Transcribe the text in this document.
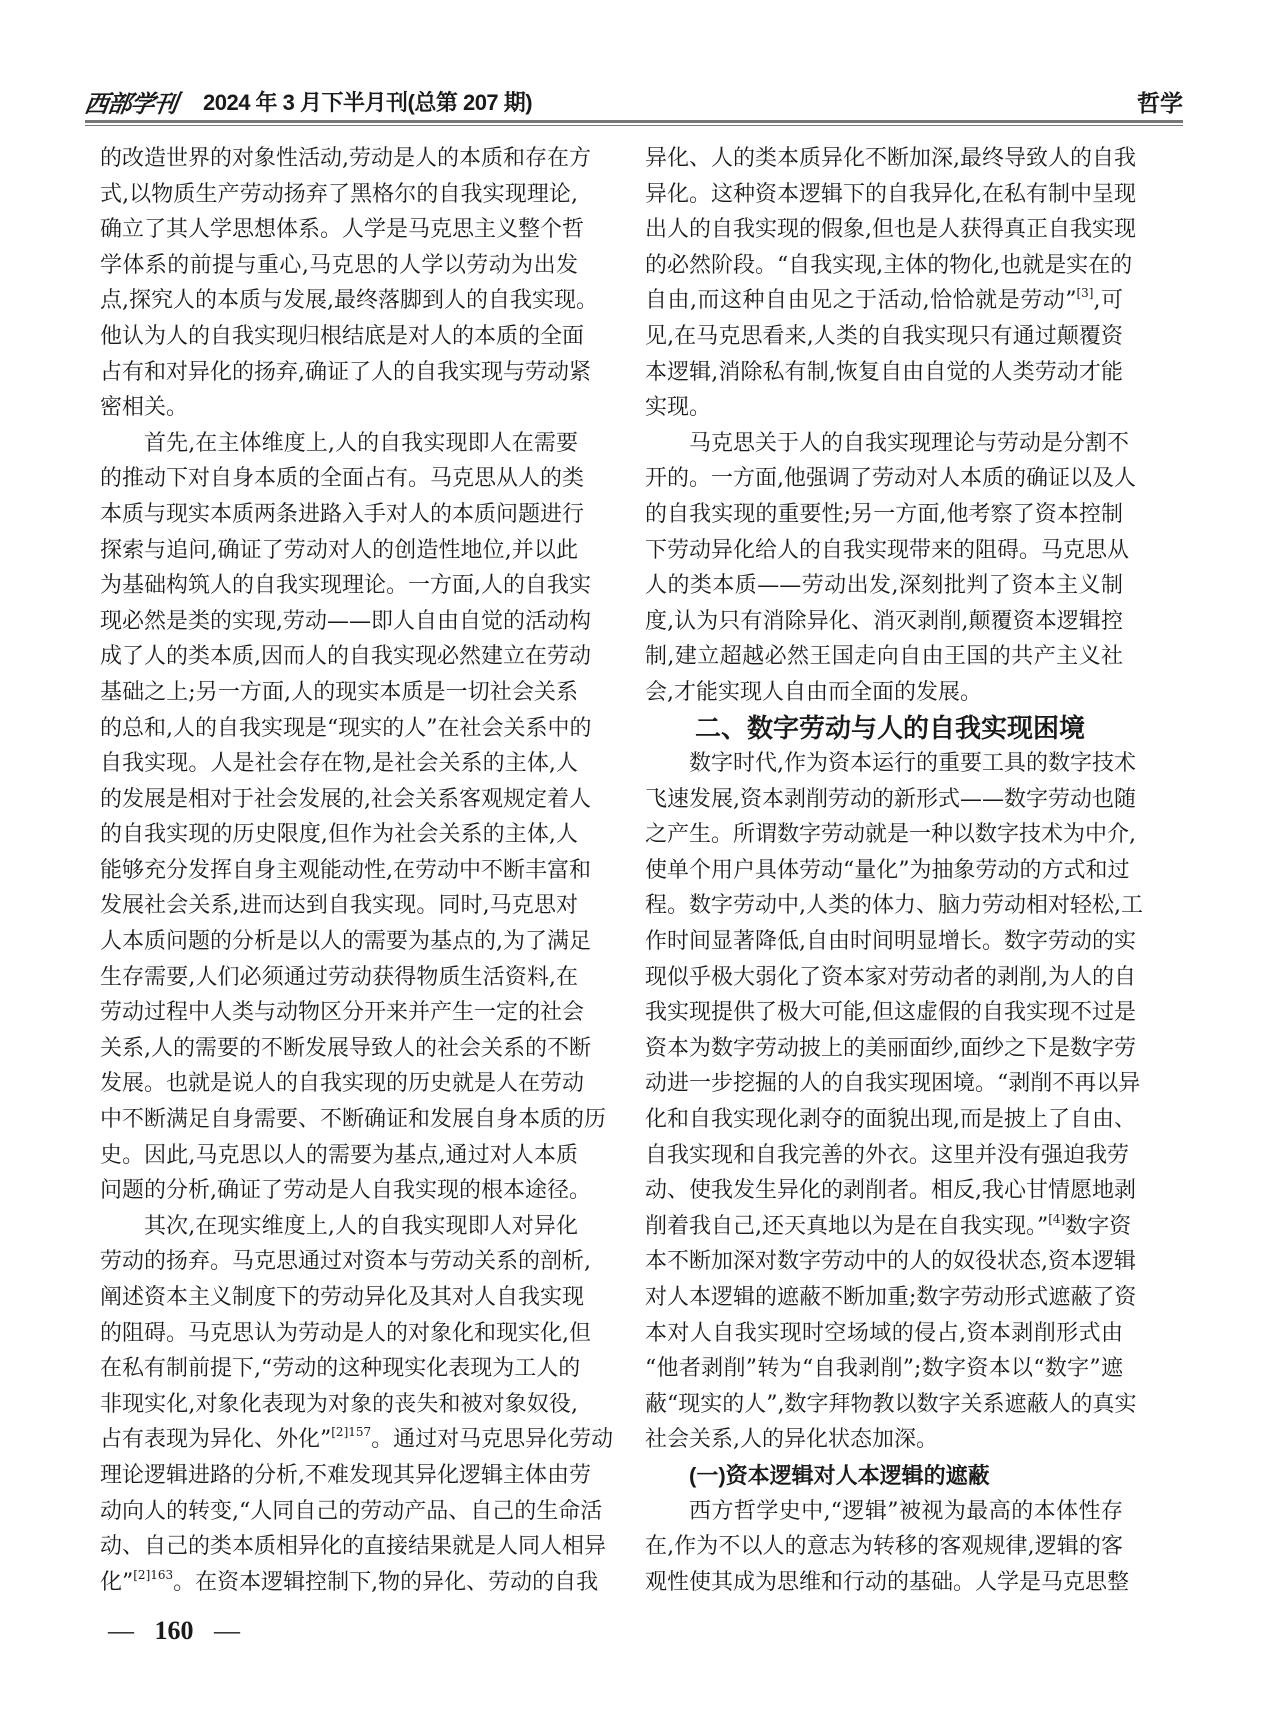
西部学刊 2024 年 3 月下半月刊(总第 207 期)	哲学
的改造世界的对象性活动,劳动是人的本质和存在方
式,以物质生产劳动扬弃了黑格尔的自我实现理论,
确立了其人学思想体系。人学是马克思主义整个哲
学体系的前提与重心,马克思的人学以劳动为出发
点,探究人的本质与发展,最终落脚到人的自我实现。
他认为人的自我实现归根结底是对人的本质的全面
占有和对异化的扬弃,确证了人的自我实现与劳动紧
密相关。
首先,在主体维度上,人的自我实现即人在需要
的推动下对自身本质的全面占有。马克思从人的类
本质与现实本质两条进路入手对人的本质问题进行
探索与追问,确证了劳动对人的创造性地位,并以此
为基础构筑人的自我实现理论。一方面,人的自我实
现必然是类的实现,劳动——即人自由自觉的活动构
成了人的类本质,因而人的自我实现必然建立在劳动
基础之上;另一方面,人的现实本质是一切社会关系
的总和,人的自我实现是“现实的人”在社会关系中的
自我实现。人是社会存在物,是社会关系的主体,人
的发展是相对于社会发展的,社会关系客观规定着人
的自我实现的历史限度,但作为社会关系的主体,人
能够充分发挥自身主观能动性,在劳动中不断丰富和
发展社会关系,进而达到自我实现。同时,马克思对
人本质问题的分析是以人的需要为基点的,为了满足
生存需要,人们必须通过劳动获得物质生活资料,在
劳动过程中人类与动物区分开来并产生一定的社会
关系,人的需要的不断发展导致人的社会关系的不断
发展。也就是说人的自我实现的历史就是人在劳动
中不断满足自身需要、不断确证和发展自身本质的历
史。因此,马克思以人的需要为基点,通过对人本质
问题的分析,确证了劳动是人自我实现的根本途径。
其次,在现实维度上,人的自我实现即人对异化
劳动的扬弃。马克思通过对资本与劳动关系的剖析,
阐述资本主义制度下的劳动异化及其对人自我实现
的阻碍。马克思认为劳动是人的对象化和现实化,但
在私有制前提下,“劳动的这种现实化表现为工人的
非现实化,对象化表现为对象的丧失和被对象奴役,
占有表现为异化、外化”$^{[2]157}$。通过对马克思异化劳动
理论逻辑进路的分析,不难发现其异化逻辑主体由劳
动向人的转变,“人同自己的劳动产品、自己的生命活
动、自己的类本质相异化的直接结果就是人同人相异
化”$^{[2]163}$。在资本逻辑控制下,物的异化、劳动的自我
异化、人的类本质异化不断加深,最终导致人的自我
异化。这种资本逻辑下的自我异化,在私有制中呈现
出人的自我实现的假象,但也是人获得真正自我实现
的必然阶段。“自我实现,主体的物化,也就是实在的
自由,而这种自由见之于活动,恰恰就是劳动”[3],可
见,在马克思看来,人类的自我实现只有通过颠覆资
本逻辑,消除私有制,恢复自由自觉的人类劳动才能
实现。
马克思关于人的自我实现理论与劳动是分割不
开的。一方面,他强调了劳动对人本质的确证以及人
的自我实现的重要性;另一方面,他考察了资本控制
下劳动异化给人的自我实现带来的阻碍。马克思从
人的类本质——劳动出发,深刻批判了资本主义制
度,认为只有消除异化、消灭剥削,颠覆资本逻辑控
制,建立超越必然王国走向自由王国的共产主义社
会,才能实现人自由而全面的发展。
二、数字劳动与人的自我实现困境
数字时代,作为资本运行的重要工具的数字技术
飞速发展,资本剥削劳动的新形式——数字劳动也随
之产生。所谓数字劳动就是一种以数字技术为中介,
使单个用户具体劳动“量化”为抽象劳动的方式和过
程。数字劳动中,人类的体力、脑力劳动相对轻松,工
作时间显著降低,自由时间明显增长。数字劳动的实
现似乎极大弱化了资本家对劳动者的剥削,为人的自
我实现提供了极大可能,但这虚假的自我实现不过是
资本为数字劳动披上的美丽面纱,面纱之下是数字劳
动进一步挖掘的人的自我实现困境。“剥削不再以异
化和自我实现化剥夺的面貌出现,而是披上了自由、
自我实现和自我完善的外衣。这里并没有强迫我劳
动、使我发生异化的剥削者。相反,我心甘情愿地剥
削着我自己,还天真地以为是在自我实现。”[4]数字资
本不断加深对数字劳动中的人的奴役状态,资本逻辑
对人本逻辑的遮蔽不断加重;数字劳动形式遮蔽了资
本对人自我实现时空场域的侵占,资本剥削形式由
“他者剥削”转为“自我剥削”;数字资本以“数字”遮
蔽“现实的人”,数字拜物教以数字关系遮蔽人的真实
社会关系,人的异化状态加深。
(一)资本逻辑对人本逻辑的遮蔽
西方哲学史中,“逻辑”被视为最高的本体性存
在,作为不以人的意志为转移的客观规律,逻辑的客
观性使其成为思维和行动的基础。人学是马克思整
— 160 —
